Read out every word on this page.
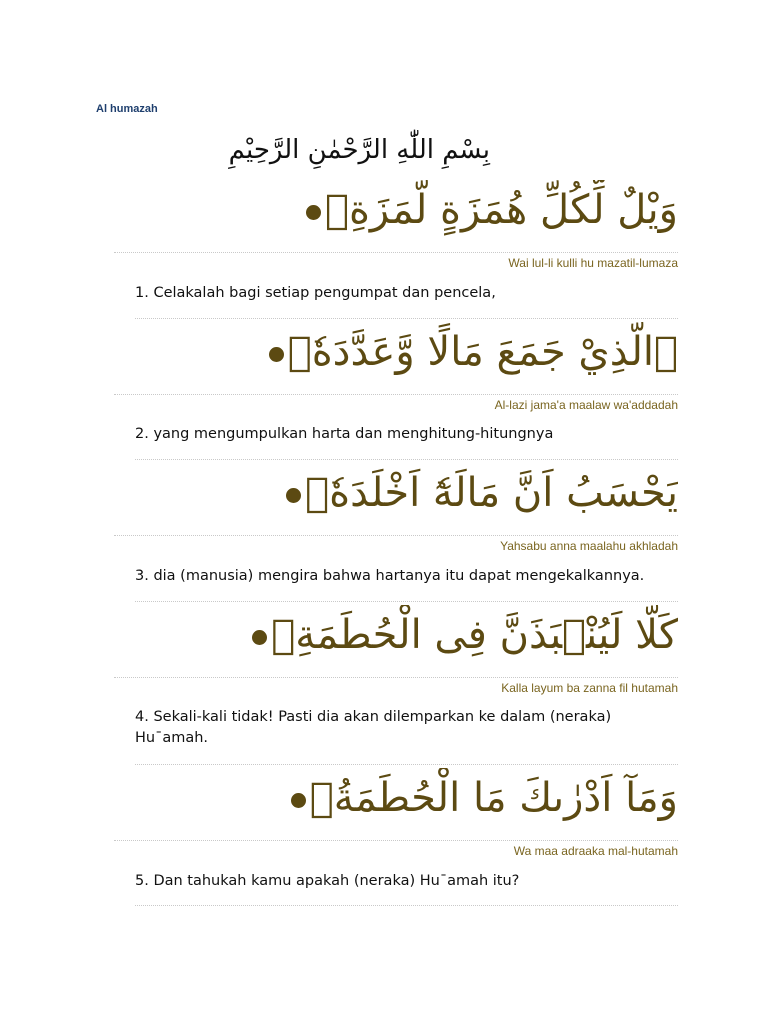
Al humazah
بِسْمِ اللّٰهِ الرَّحْمٰنِ الرَّحِيْمِ
وَيْلٌ لِّكُلِّ هُمَزَةٍ لُّمَزَةِۙ
Wai lul-li kulli hu mazatil-lumaza
1. Celakalah bagi setiap pengumpat dan pencela,
ۨالَّذِيْ جَمَعَ مَالًا وَّعَدَّدَهٗۙ
Al-lazi jama'a maalaw wa'addadah
2. yang mengumpulkan harta dan menghitung-hitungnya
يَحْسَبُ اَنَّ مَالَهٗٓ اَخْلَدَهٗۚ
Yahsabu anna maalahu akhladah
3. dia (manusia) mengira bahwa hartanya itu dapat mengekalkannya.
كَلَّا لَيُنْۢبَذَنَّ فِى الْحُطَمَةِۖ
Kalla layum ba zanna fil hutamah
4. Sekali-kali tidak! Pasti dia akan dilemparkan ke dalam (neraka) Hu¯amah.
وَمَآ اَدْرٰىكَ مَا الْحُطَمَةُۗ
Wa maa adraaka mal-hutamah
5. Dan tahukah kamu apakah (neraka) Hu¯amah itu?
